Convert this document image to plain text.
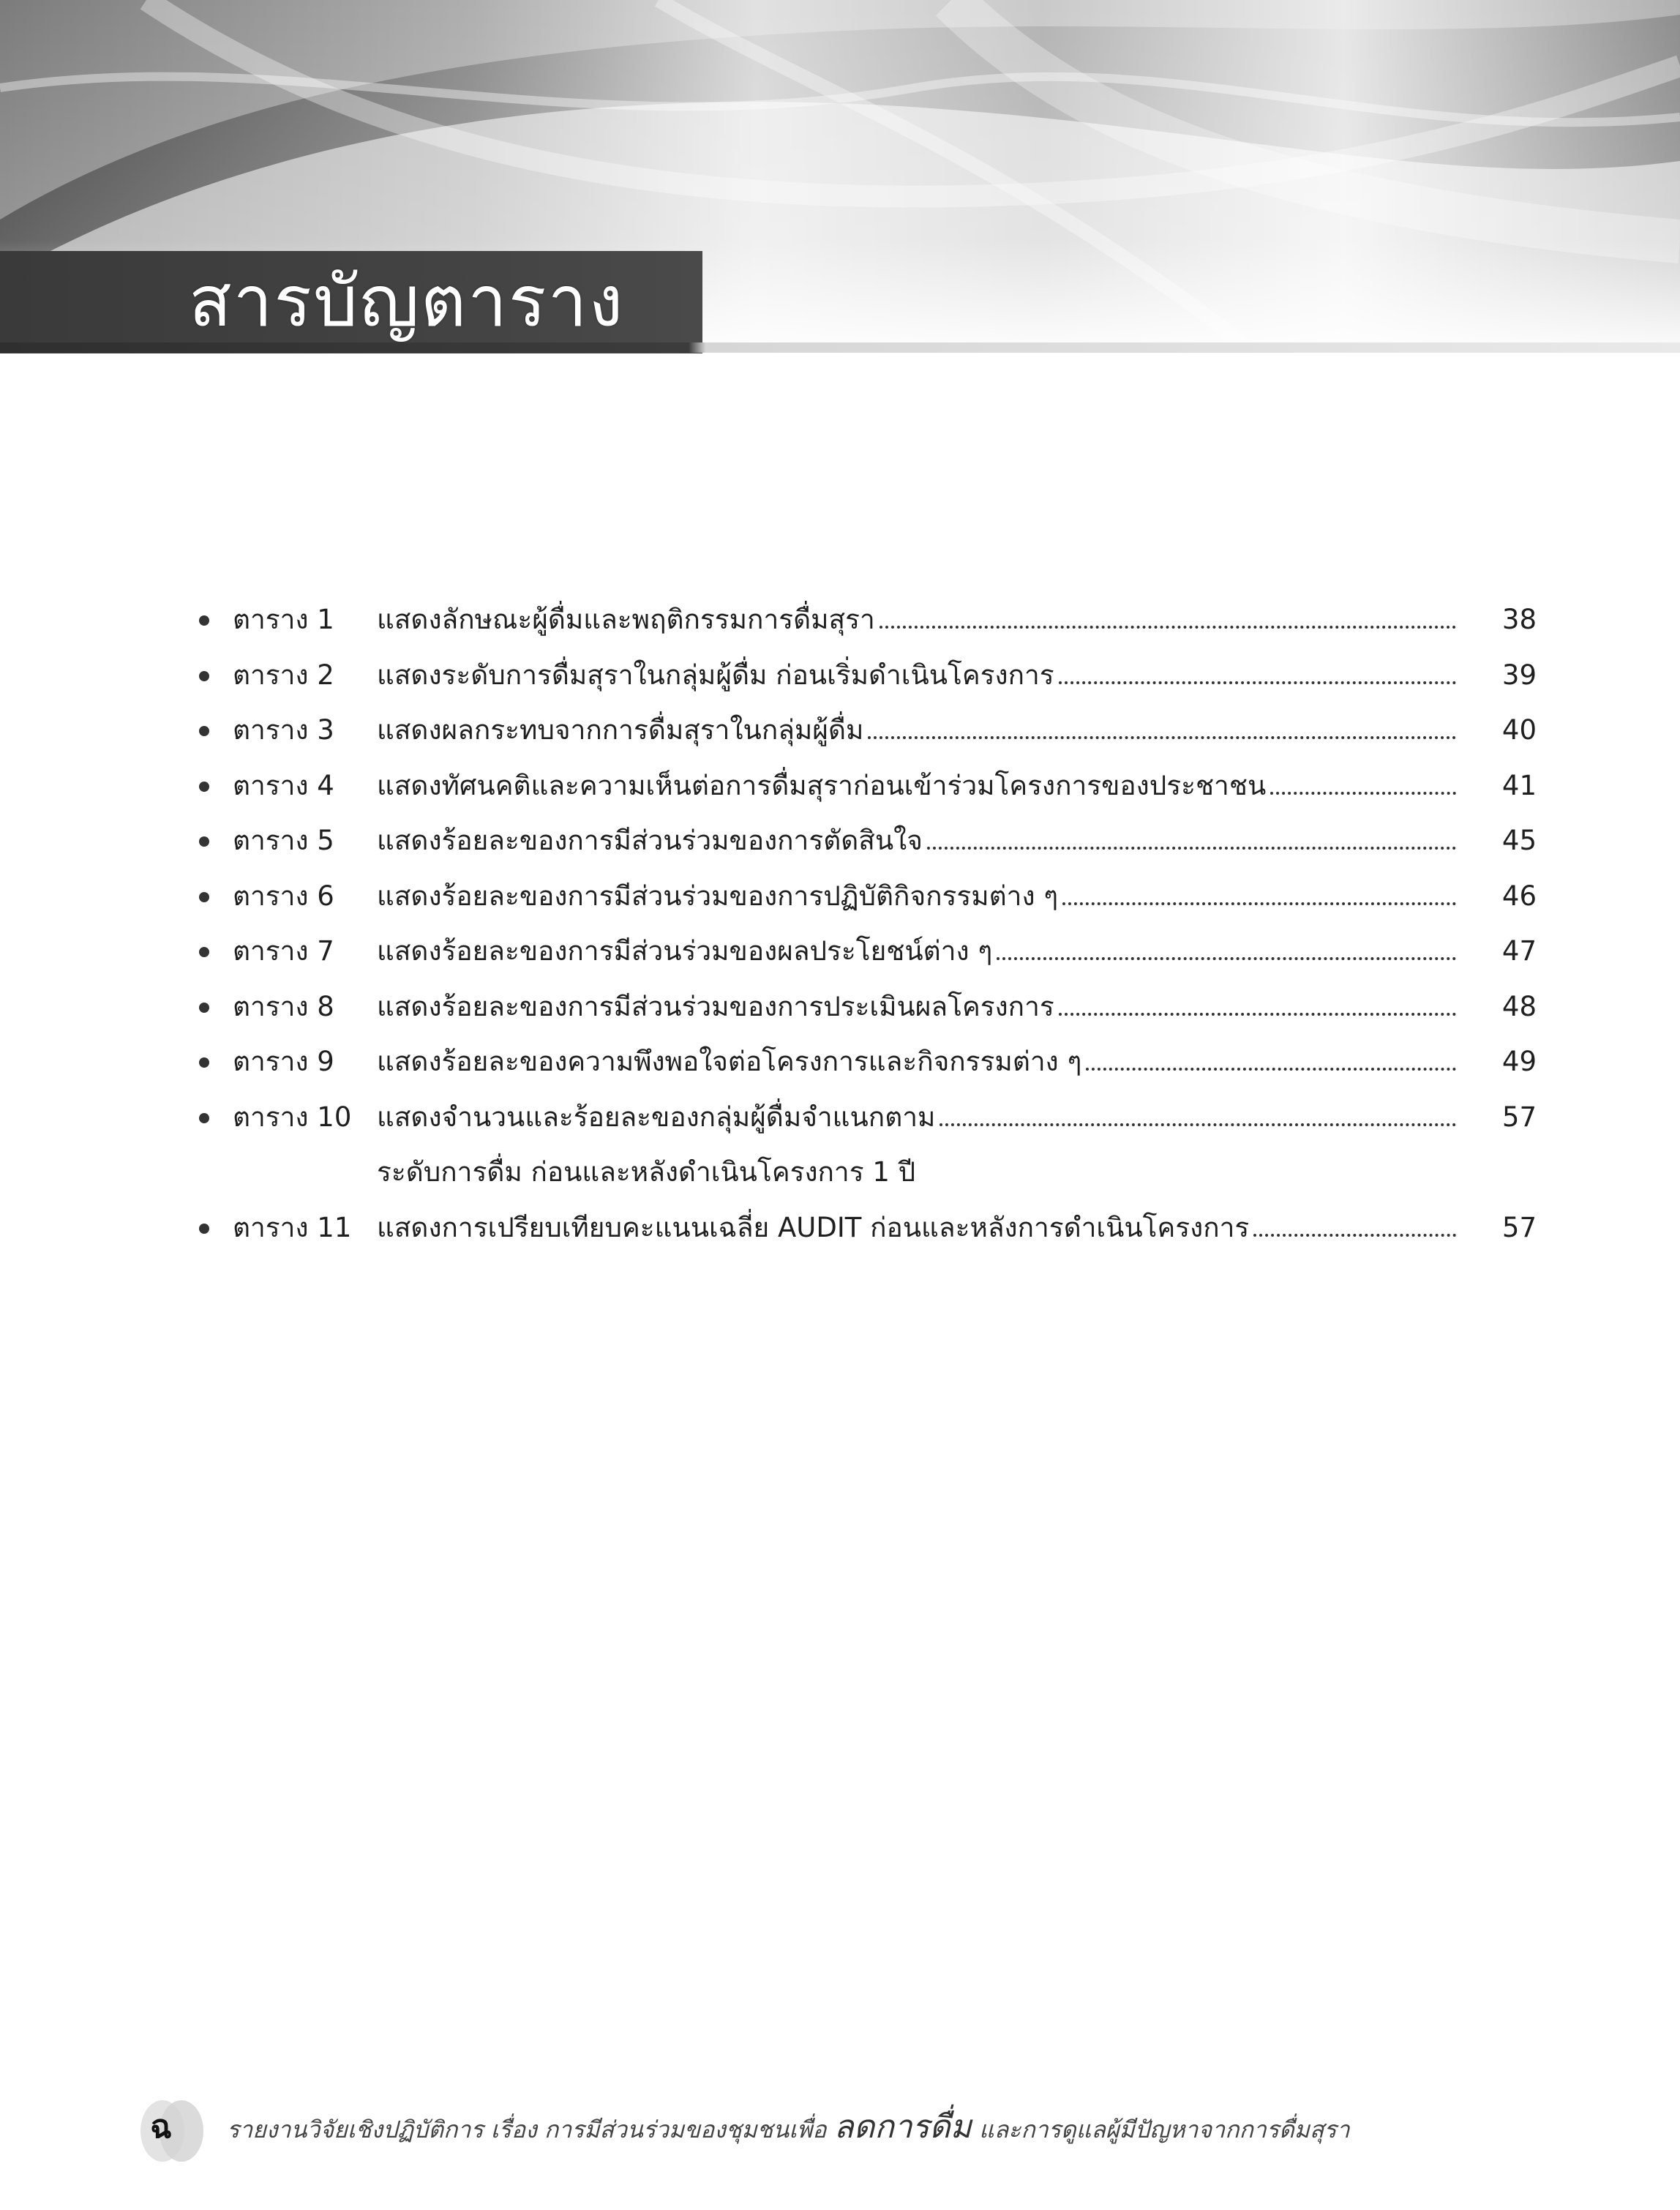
สารบัญตาราง
ตาราง 1 แสดงลักษณะผู้ดื่มและพฤติกรรมการดื่มสุรา	38
ตาราง 2 แสดงระดับการดื่มสุราในกลุ่มผู้ดื่ม ก่อนเริ่มดำเนินโครงการ	39
ตาราง 3 แสดงผลกระทบจากการดื่มสุราในกลุ่มผู้ดื่ม	40
ตาราง 4 แสดงทัศนคติและความเห็นต่อการดื่มสุราก่อนเข้าร่วมโครงการของประชาชน	41
ตาราง 5 แสดงร้อยละของการมีส่วนร่วมของการตัดสินใจ	45
ตาราง 6 แสดงร้อยละของการมีส่วนร่วมของการปฏิบัติกิจกรรมต่าง ๆ	46
ตาราง 7 แสดงร้อยละของการมีส่วนร่วมของผลประโยชน์ต่าง ๆ	47
ตาราง 8 แสดงร้อยละของการมีส่วนร่วมของการประเมินผลโครงการ	48
ตาราง 9 แสดงร้อยละของความพึงพอใจต่อโครงการและกิจกรรมต่าง ๆ	49
ตาราง 10 แสดงจำนวนและร้อยละของกลุ่มผู้ดื่มจำแนกตาม	57
ระดับการดื่ม ก่อนและหลังดำเนินโครงการ 1 ปี
ตาราง 11 แสดงการเปรียบเทียบคะแนนเฉลี่ย AUDIT ก่อนและหลังการดำเนินโครงการ	57
ฉ	รายงานวิจัยเชิงปฏิบัติการ เรื่อง การมีส่วนร่วมของชุมชนเพื่อ ลดการดื่ม และการดูแลผู้มีปัญหาจากการดื่มสุรา
